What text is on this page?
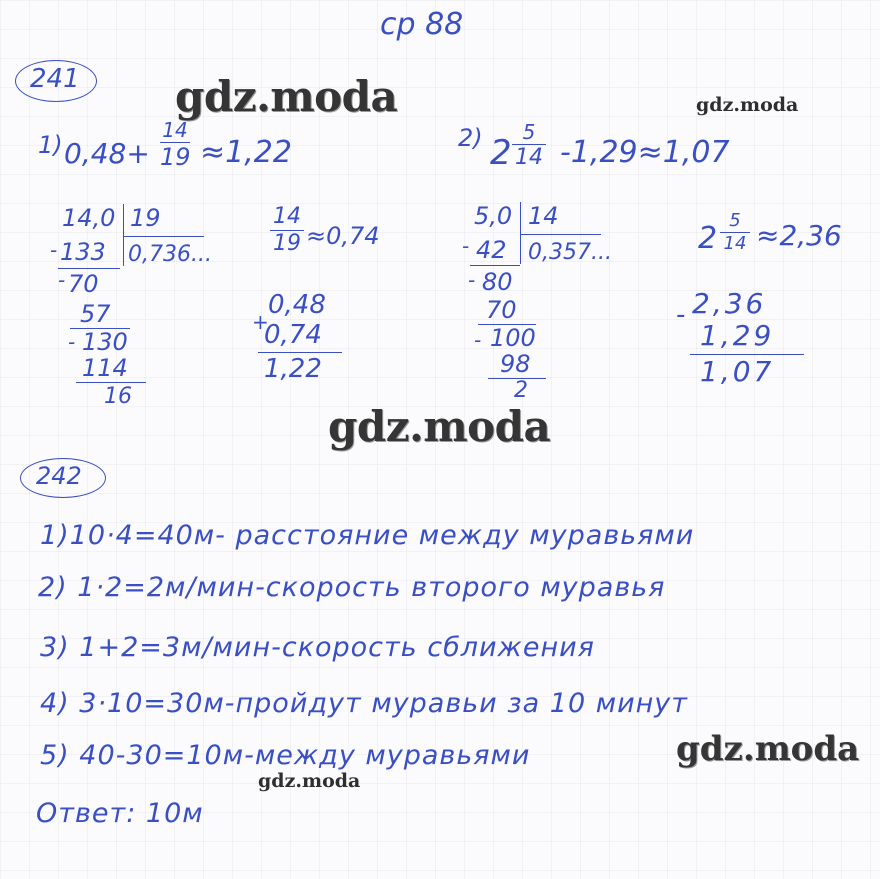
ср 88
gdz.moda	gdz.moda
gdz.moda
gdz.moda
gdz.moda
241
1) 0,48+
14
19 ≈1,22	2) 2
5
14 -1,29≈1,07
14,0 19
0,736...
- 133
- 70
57
- 130
114
16
14
19 ≈0,74
0,48
+
0,74
1,22
5,0 14
0,357...
- 42
- 80
70
- 100
98
2
2
5
14 ≈2,36
- 2,36
1,29
1,07
242
1)10·4=40м- расстояние между муравьями
2) 1·2=2м/мин-скорость второго муравья
3) 1+2=3м/мин-скорость сближения
4) 3·10=30м-пройдут муравьи за 10 минут
5) 40-30=10м-между муравьями
Ответ: 10м
